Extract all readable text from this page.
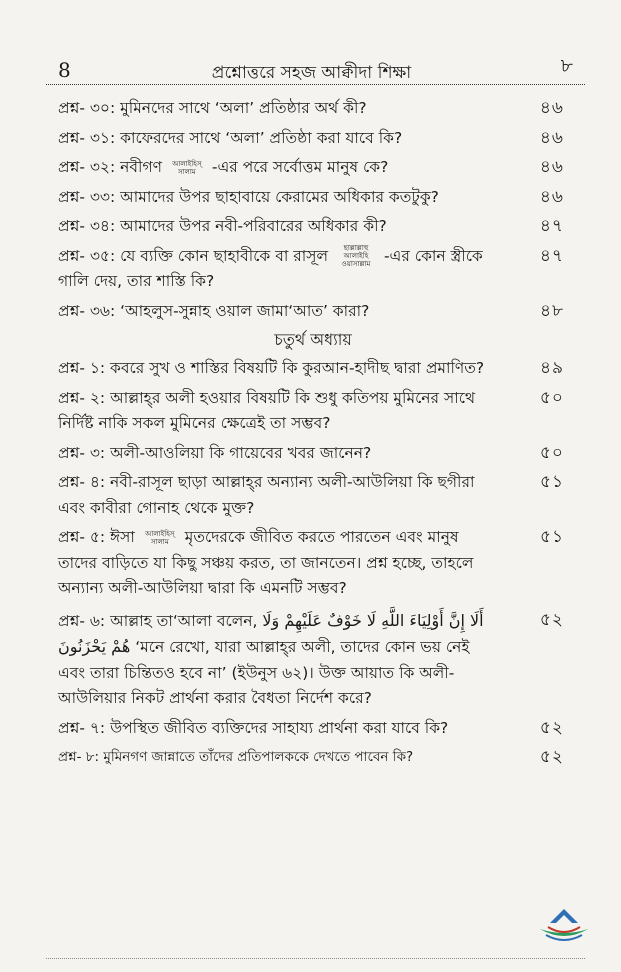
8	প্রশ্নোত্তরে সহজ আক্বীদা শিক্ষা	৮
প্রশ্ন- ৩০: মুমিনদের সাথে ‘অলা’ প্রতিষ্ঠার অর্থ কী?	৪৬
প্রশ্ন- ৩১: কাফেরদের সাথে ‘অলা’ প্রতিষ্ঠা করা যাবে কি?	৪৬
প্রশ্ন- ৩২: নবীগণ আলাইহিস্ সালাম -এর পরে সর্বোত্তম মানুষ কে?	৪৬
প্রশ্ন- ৩৩: আমাদের উপর ছাহাবায়ে কেরামের অধিকার কতটুকু?	৪৬
প্রশ্ন- ৩৪: আমাদের উপর নবী-পরিবারের অধিকার কী?	৪৭
প্রশ্ন- ৩৫: যে ব্যক্তি কোন ছাহাবীকে বা রাসূল ছাল্লাল্লাহু আলাইহি ওয়াসাল্লাম -এর কোন স্ত্রীকে গালি দেয়, তার শাস্তি কি?
৪৭
প্রশ্ন- ৩৬: ‘আহলুস-সুন্নাহ ওয়াল জামা‘আত’ কারা?	৪৮
চতুর্থ অধ্যায়
প্রশ্ন- ১: কবরে সুখ ও শাস্তির বিষয়টি কি কুরআন-হাদীছ দ্বারা প্রমাণিত?	৪৯
প্রশ্ন- ২: আল্লাহ্‌র অলী হওয়ার বিষয়টি কি শুধু কতিপয় মুমিনের সাথে নির্দিষ্ট নাকি সকল মুমিনের ক্ষেত্রেই তা সম্ভব?
৫০
প্রশ্ন- ৩: অলী-আওলিয়া কি গায়েবের খবর জানেন?	৫০
প্রশ্ন- ৪: নবী-রাসূল ছাড়া আল্লাহ্‌র অন্যান্য অলী-আউলিয়া কি ছগীরা এবং কাবীরা গোনাহ থেকে মুক্ত?
৫১
প্রশ্ন- ৫: ঈসা আলাইহিস্ সালাম মৃতদেরকে জীবিত করতে পারতেন এবং মানুষ তাদের বাড়িতে যা কিছু সঞ্চয় করত, তা জানতেন। প্রশ্ন হচ্ছে, তাহলে অন্যান্য অলী-আউলিয়া দ্বারা কি এমনটি সম্ভব?
৫১
প্রশ্ন- ৬: আল্লাহ তা‘আলা বলেন, أَلَا إِنَّ أَوْلِيَاءَ اللَّهِ لَا خَوْفٌ عَلَيْهِمْ وَلَا هُمْ يَحْزَنُونَ ‘মনে রেখো, যারা আল্লাহ্‌র অলী, তাদের কোন ভয় নেই এবং তারা চিন্তিতও হবে না’ (ইউনুস ৬২)। উক্ত আয়াত কি অলী-আউলিয়ার নিকট প্রার্থনা করার বৈধতা নির্দেশ করে?
৫২
প্রশ্ন- ৭: উপস্থিত জীবিত ব্যক্তিদের সাহায্য প্রার্থনা করা যাবে কি?	৫২
প্রশ্ন- ৮: মুমিনগণ জান্নাতে তাঁদের প্রতিপালককে দেখতে পাবেন কি?	৫২
